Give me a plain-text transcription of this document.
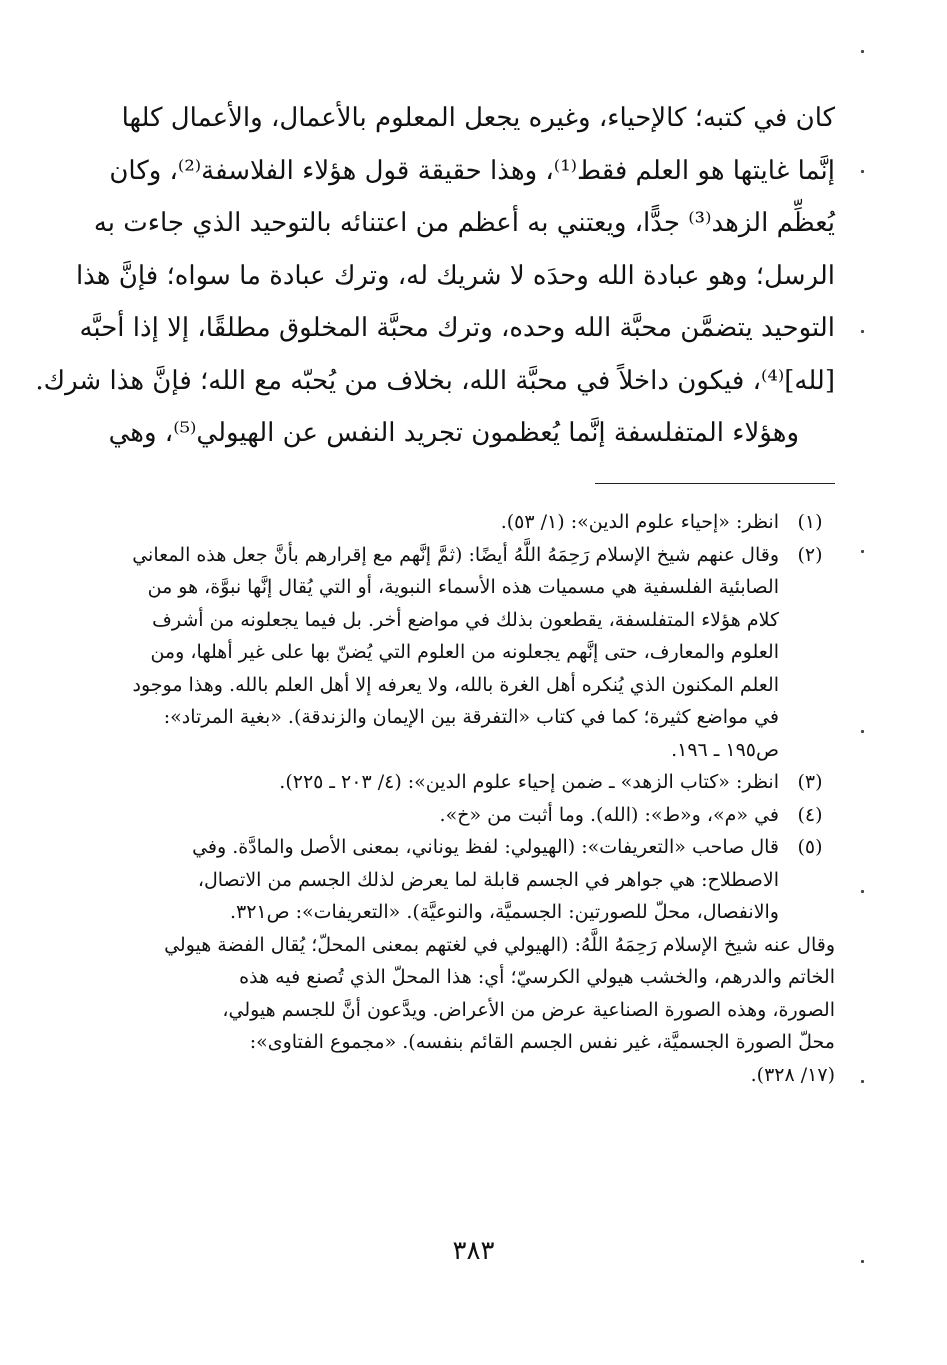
كان في كتبه؛ كالإحياء، وغيره يجعل المعلوم بالأعمال، والأعمال كلها
إنَّما غايتها هو العلم فقط⁽¹⁾، وهذا حقيقة قول هؤلاء الفلاسفة⁽²⁾، وكان
يُعظِّم الزهد⁽³⁾ جدًّا، ويعتني به أعظم من اعتنائه بالتوحيد الذي جاءت به
الرسل؛ وهو عبادة الله وحدَه لا شريك له، وترك عبادة ما سواه؛ فإنَّ هذا
التوحيد يتضمَّن محبَّة الله وحده، وترك محبَّة المخلوق مطلقًا، إلا إذا أحبَّه
[لله]⁽⁴⁾، فيكون داخلاً في محبَّة الله، بخلاف من يُحبّه مع الله؛ فإنَّ هذا شرك.
وهؤلاء المتفلسفة إنَّما يُعظمون تجريد النفس عن الهيولي⁽⁵⁾، وهي
(١)
انظر: «إحياء علوم الدين»: (١/ ٥٣).
(٢)
وقال عنهم شيخ الإسلام رَحِمَهُ اللَّهُ أيضًا: (ثمَّ إنَّهم مع إقرارهم بأنَّ جعل هذه المعاني
الصابئية الفلسفية هي مسميات هذه الأسماء النبوية، أو التي يُقال إنَّها نبوَّة، هو من
كلام هؤلاء المتفلسفة، يقطعون بذلك في مواضع أخر. بل فيما يجعلونه من أشرف
العلوم والمعارف، حتى إنَّهم يجعلونه من العلوم التي يُضنّ بها على غير أهلها، ومن
العلم المكنون الذي يُنكره أهل الغرة بالله، ولا يعرفه إلا أهل العلم بالله. وهذا موجود
في مواضع كثيرة؛ كما في كتاب «التفرقة بين الإيمان والزندقة). «بغية المرتاد»:
ص١٩٥ ـ ١٩٦.
(٣)
انظر: «كتاب الزهد» ـ ضمن إحياء علوم الدين»: (٤/ ٢٠٣ ـ ٢٢٥).
(٤)
في «م»، و«ط»: (الله). وما أثبت من «خ».
(٥)
قال صاحب «التعريفات»: (الهيولي: لفظ يوناني، بمعنى الأصل والمادَّة. وفي
الاصطلاح: هي جواهر في الجسم قابلة لما يعرض لذلك الجسم من الاتصال،
والانفصال، محلّ للصورتين: الجسميَّة، والنوعيَّة). «التعريفات»: ص٣٢١.
وقال عنه شيخ الإسلام رَحِمَهُ اللَّهُ: (الهيولي في لغتهم بمعنى المحلّ؛ يُقال الفضة هيولي
الخاتم والدرهم، والخشب هيولي الكرسيّ؛ أي: هذا المحلّ الذي تُصنع فيه هذه
الصورة، وهذه الصورة الصناعية عرض من الأعراض. ويدَّعون أنَّ للجسم هيولي،
محلّ الصورة الجسميَّة، غير نفس الجسم القائم بنفسه). «مجموع الفتاوى»:
(١٧/ ٣٢٨).
٣٨٣
